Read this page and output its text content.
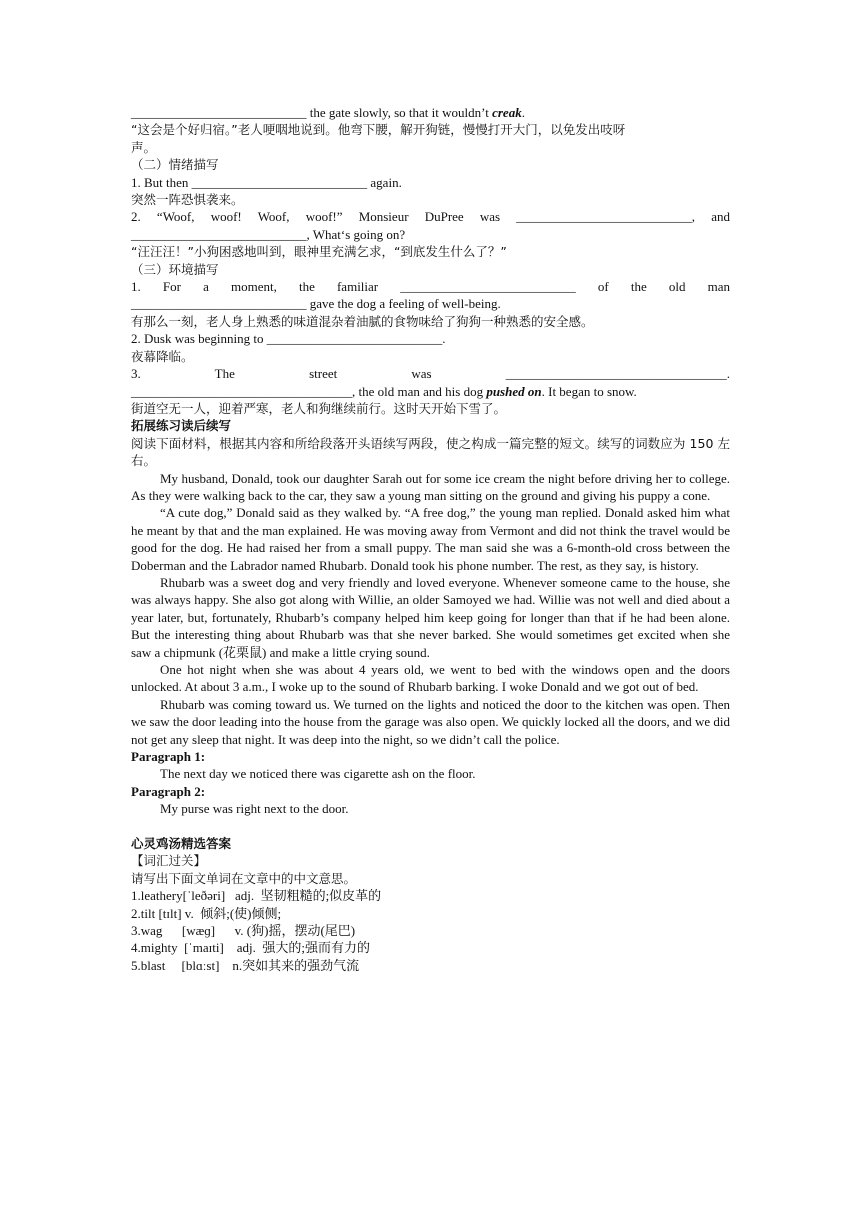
___________________________ the gate slowly, so that it wouldn’t creak.
“这会是个好归宿。”老人哽咽地说到。他弯下腰，解开狗链，慢慢打开大门，以免发出吱呀
声。
（二）情绪描写
1. But then ___________________________ again.
突然一阵恐惧袭来。
2. “Woof, woof! Woof, woof!” Monsieur DuPree was ___________________________, and
___________________________, What‘s going on?
“汪汪汪！”小狗困惑地叫到，眼神里充满乞求，“到底发生什么了？”
（三）环境描写
1. For a moment, the familiar ___________________________ of the old man
___________________________ gave the dog a feeling of well-being.
有那么一刻，老人身上熟悉的味道混杂着油腻的食物味给了狗狗一种熟悉的安全感。
2. Dusk was beginning to ___________________________.
夜幕降临。
3. The	street	was	__________________________________.
__________________________________, the old man and his dog pushed on. It began to snow.
街道空无一人，迎着严寒，老人和狗继续前行。这时天开始下雪了。
拓展练习读后续写
阅读下面材料，根据其内容和所给段落开头语续写两段，使之构成一篇完整的短文。续写的词数应为 150 左右。
My husband, Donald, took our daughter Sarah out for some ice cream the night before driving her to college. As they were walking back to the car, they saw a young man sitting on the ground and giving his puppy a cone.
“A cute dog,” Donald said as they walked by. “A free dog,” the young man replied. Donald asked him what he meant by that and the man explained. He was moving away from Vermont and did not think the travel would be good for the dog. He had raised her from a small puppy. The man said she was a 6-month-old cross between the Doberman and the Labrador named Rhubarb. Donald took his phone number. The rest, as they say, is history.
Rhubarb was a sweet dog and very friendly and loved everyone. Whenever someone came to the house, she was always happy. She also got along with Willie, an older Samoyed we had. Willie was not well and died about a year later, but, fortunately, Rhubarb’s company helped him keep going for longer than that if he had been alone. But the interesting thing about Rhubarb was that she never barked. She would sometimes get excited when she saw a chipmunk (花栗鼠) and make a little crying sound.
One hot night when she was about 4 years old, we went to bed with the windows open and the doors unlocked. At about 3 a.m., I woke up to the sound of Rhubarb barking. I woke Donald and we got out of bed.
Rhubarb was coming toward us. We turned on the lights and noticed the door to the kitchen was open. Then we saw the door leading into the house from the garage was also open. We quickly locked all the doors, and we did not get any sleep that night. It was deep into the night, so we didn’t call the police.
Paragraph 1:
The next day we noticed there was cigarette ash on the floor.
Paragraph 2:
My purse was right next to the door.
心灵鸡汤精选答案
【词汇过关】
请写出下面文单词在文章中的中文意思。
1.leathery[ˈleðəri]   adj.  坚韧粗糙的;似皮革的
2.tilt [tɪlt] v.  倾斜;(使)倾侧;
3.wag      [wæɡ]      v. (狗)摇，摆动(尾巴)
4.mighty  [ˈmaɪti]    adj.  强大的;强而有力的
5.blast     [blɑːst]    n.突如其来的强劲气流
